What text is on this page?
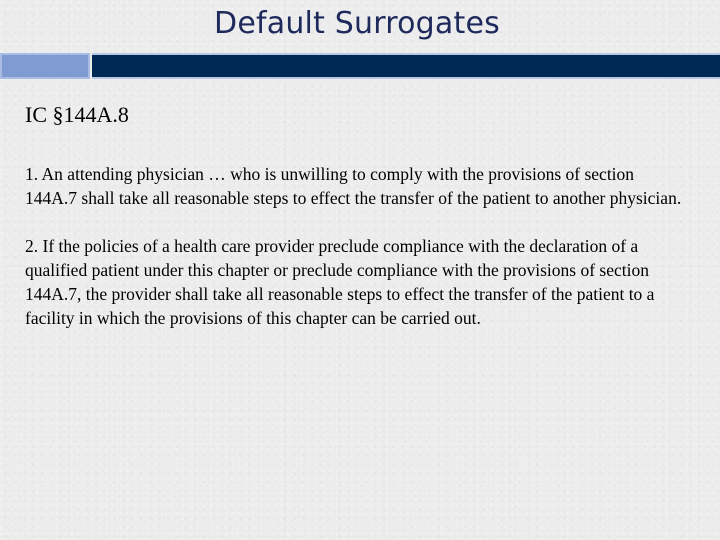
Default Surrogates
IC §144A.8

1. An attending physician … who is unwilling to comply with the provisions of section 144A.7 shall take all reasonable steps to effect the transfer of the patient to another physician.

2. If the policies of a health care provider preclude compliance with the declaration of a qualified patient under this chapter or preclude compliance with the provisions of section 144A.7, the provider shall take all reasonable steps to effect the transfer of the patient to a facility in which the provisions of this chapter can be carried out.
